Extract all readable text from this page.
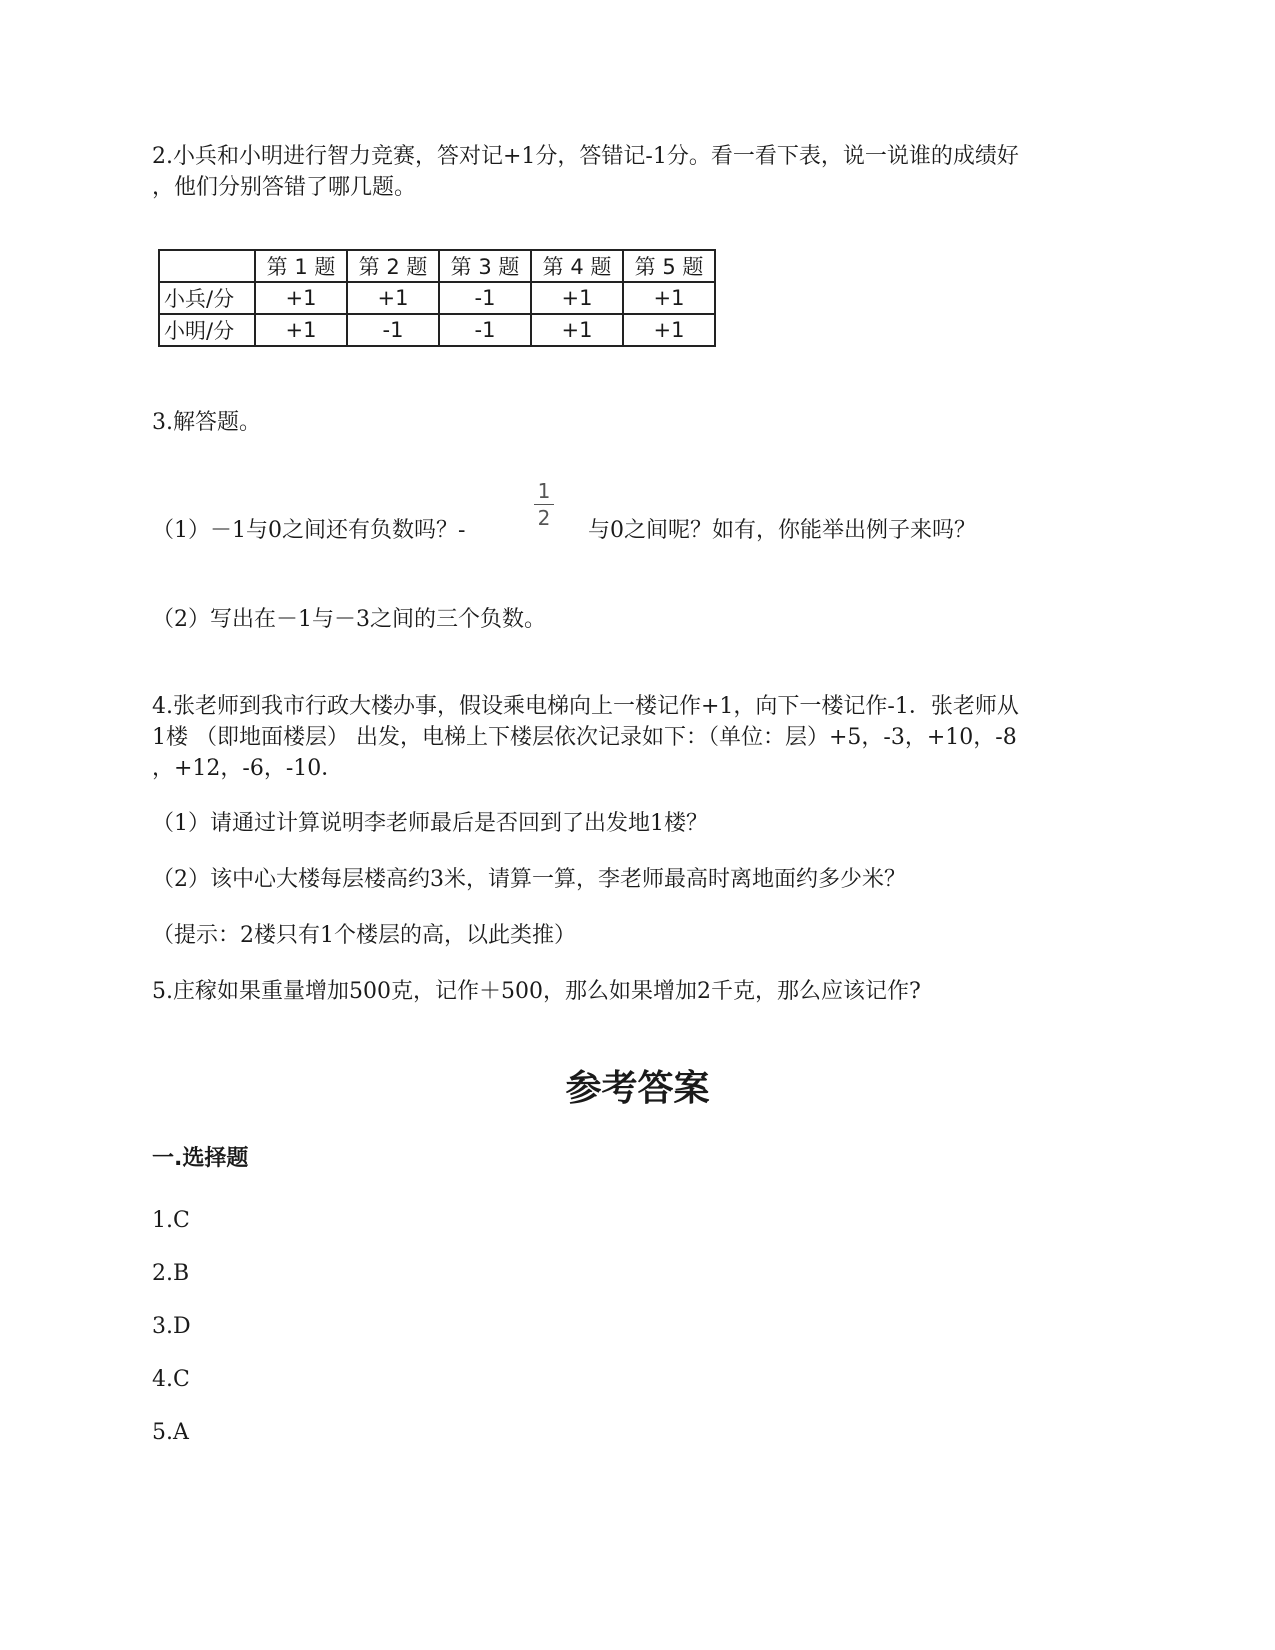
2.小兵和小明进行智力竞赛，答对记+1分，答错记-1分。看一看下表，说一说谁的成绩好
，他们分别答错了哪几题。
	第 1 题	第 2 题	第 3 题	第 4 题	第 5 题
小兵/分	+1	+1	-1	+1	+1
小明/分	+1	-1	-1	+1	+1
3.解答题。
（1）－1与0之间还有负数吗？-
1
2 与0之间呢？如有，你能举出例子来吗？
（2）写出在－1与－3之间的三个负数。
4.张老师到我市行政大楼办事，假设乘电梯向上一楼记作+1，向下一楼记作-1．张老师从
1楼 （即地面楼层） 出发，电梯上下楼层依次记录如下：（单位：层）+5，-3，+10，-8
，+12，-6，-10．
（1）请通过计算说明李老师最后是否回到了出发地1楼？
（2）该中心大楼每层楼高约3米，请算一算，李老师最高时离地面约多少米？
（提示：2楼只有1个楼层的高，以此类推）
5.庄稼如果重量增加500克，记作＋500，那么如果增加2千克，那么应该记作?
参考答案
一.选择题
1.C
2.B
3.D
4.C
5.A
